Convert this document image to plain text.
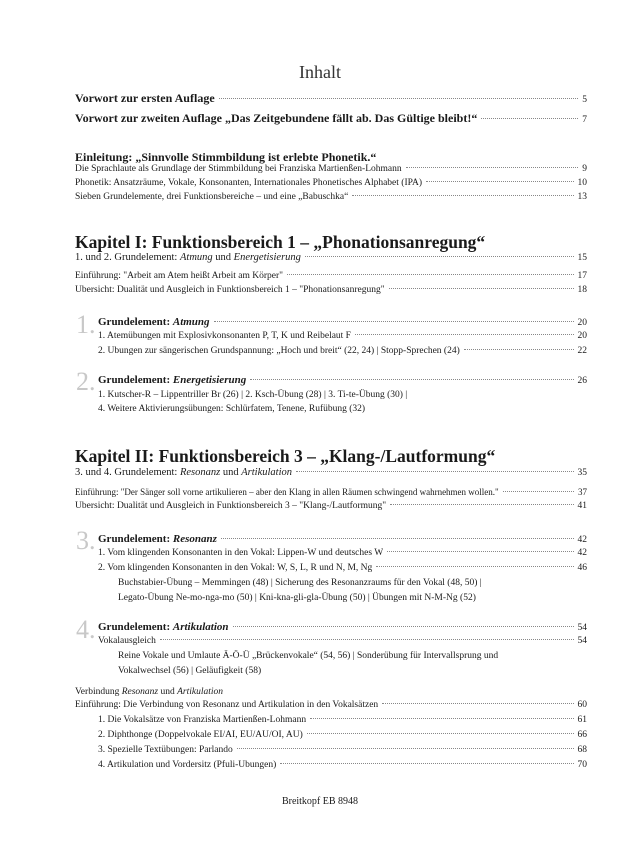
Inhalt
Vorwort zur ersten Auflage	5
Vorwort zur zweiten Auflage „Das Zeitgebundene fällt ab. Das Gültige bleibt!“	7
Einleitung: „Sinnvolle Stimmbildung ist erlebte Phonetik.“
Die Sprachlaute als Grundlage der Stimmbildung bei Franziska Martienßen-Lohmann	9
Phonetik: Ansatzräume, Vokale, Konsonanten, Internationales Phonetisches Alphabet (IPA)	10
Sieben Grundelemente, drei Funktionsbereiche – und eine „Babuschka“	13
Kapitel I: Funktionsbereich 1 – „Phonationsanregung“
1. und 2. Grundelement: Atmung und Energetisierung	15
Einführung: "Arbeit am Atem heißt Arbeit am Körper"	17
Übersicht: Dualität und Ausgleich in Funktionsbereich 1 – "Phonationsanregung"	18
1. Grundelement: Atmung	20
1. Atemübungen mit Explosivkonsonanten P, T, K und Reibelaut F	20
2. Übungen zur sängerischen Grundspannung: „Hoch und breit“ (22, 24) | Stopp-Sprechen (24)	22
2. Grundelement: Energetisierung	26
1. Kutscher-R – Lippentriller Br (26) | 2. Ksch-Übung (28) | 3. Ti-te-Übung (30) |
4. Weitere Aktivierungsübungen: Schlürfatem, Tenene, Rufübung (32)
Kapitel II: Funktionsbereich 3 – „Klang-/Lautformung“
3. und 4. Grundelement: Resonanz und Artikulation	35
Einführung: "Der Sänger soll vorne artikulieren – aber den Klang in allen Räumen schwingend wahrnehmen wollen."	37
Übersicht: Dualität und Ausgleich in Funktionsbereich 3 – "Klang-/Lautformung"	41
3. Grundelement: Resonanz	42
1. Vom klingenden Konsonanten in den Vokal: Lippen-W und deutsches W	42
2. Vom klingenden Konsonanten in den Vokal: W, S, L, R und N, M, Ng	46
Buchstabier-Übung – Memmingen (48) | Sicherung des Resonanzraums für den Vokal (48, 50) |
Legato-Übung Ne-mo-nga-mo (50) | Kni-kna-gli-gla-Übung (50) | Übungen mit N-M-Ng (52)
4. Grundelement: Artikulation	54
Vokalausgleich	54
Reine Vokale und Umlaute Ä-Ö-Ü „Brückenvokale“ (54, 56) | Sonderübung für Intervallsprung und
Vokalwechsel (56) | Geläufigkeit (58)
Verbindung Resonanz und Artikulation
Einführung: Die Verbindung von Resonanz und Artikulation in den Vokalsätzen	60
1. Die Vokalsätze von Franziska Martienßen-Lohmann	61
2. Diphthonge (Doppelvokale EI/AI, EU/ÄU/OI, AU)	66
3. Spezielle Textübungen: Parlando	68
4. Artikulation und Vordersitz (Pfuli-Übungen)	70
Breitkopf EB 8948
